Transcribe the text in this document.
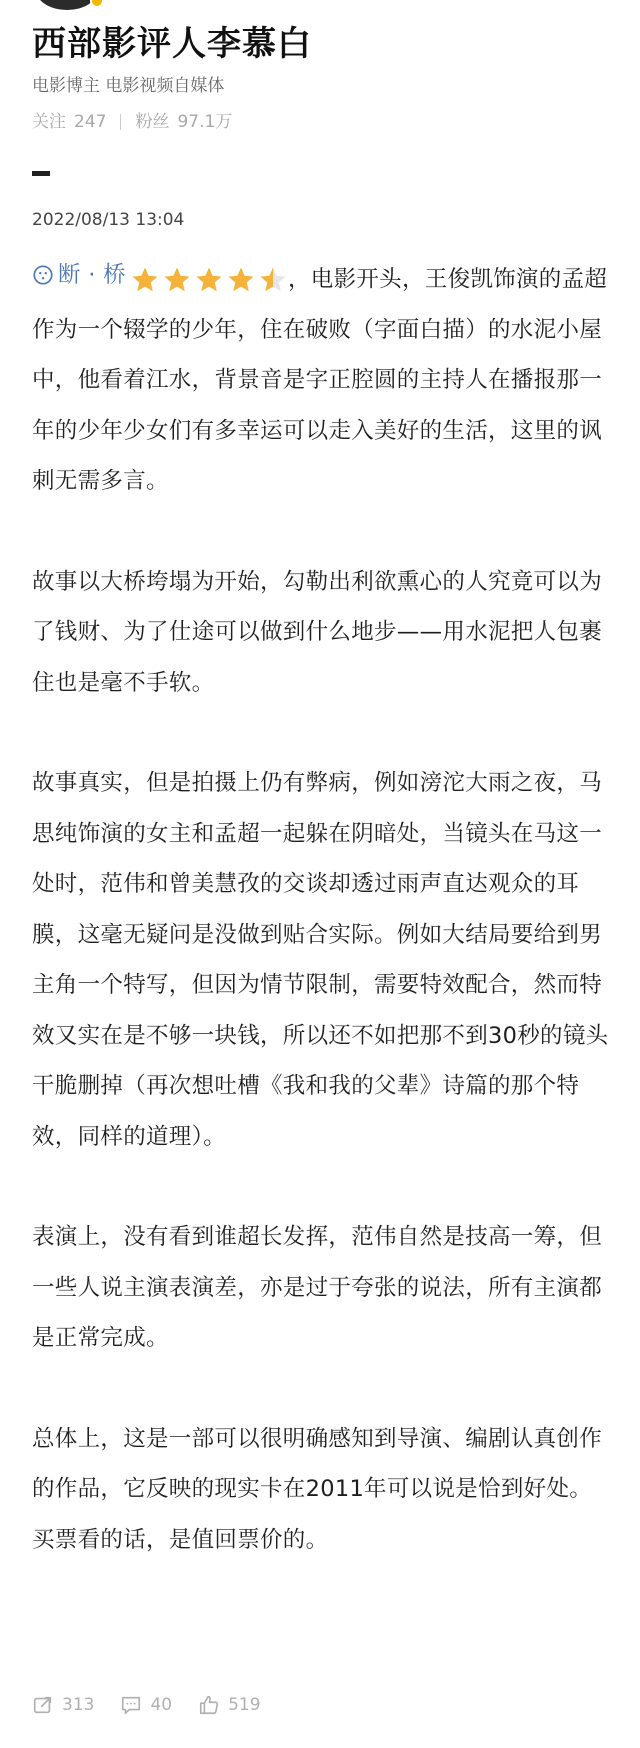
西部影评人李慕白
电影博主 电影视频自媒体
关注 247 粉丝 97.1万
2022/08/13 13:04

断 · 桥	，电影开头，王俊凯饰演的孟超作为一个辍学的少年，住在破败（字面白描）的水泥小屋中，他看着江水，背景音是字正腔圆的主持人在播报那一年的少年少女们有多幸运可以走入美好的生活，这里的讽刺无需多言。

故事以大桥垮塌为开始，勾勒出利欲熏心的人究竟可以为了钱财、为了仕途可以做到什么地步——用水泥把人包裹住也是毫不手软。

故事真实，但是拍摄上仍有弊病，例如滂沱大雨之夜，马思纯饰演的女主和孟超一起躲在阴暗处，当镜头在马这一处时，范伟和曾美慧孜的交谈却透过雨声直达观众的耳膜，这毫无疑问是没做到贴合实际。例如大结局要给到男主角一个特写，但因为情节限制，需要特效配合，然而特效又实在是不够一块钱，所以还不如把那不到30秒的镜头干脆删掉（再次想吐槽《我和我的父辈》诗篇的那个特效，同样的道理）。

表演上，没有看到谁超长发挥，范伟自然是技高一筹，但一些人说主演表演差，亦是过于夸张的说法，所有主演都是正常完成。

总体上，这是一部可以很明确感知到导演、编剧认真创作的作品，它反映的现实卡在2011年可以说是恰到好处。买票看的话，是值回票价的。

313	40	519
